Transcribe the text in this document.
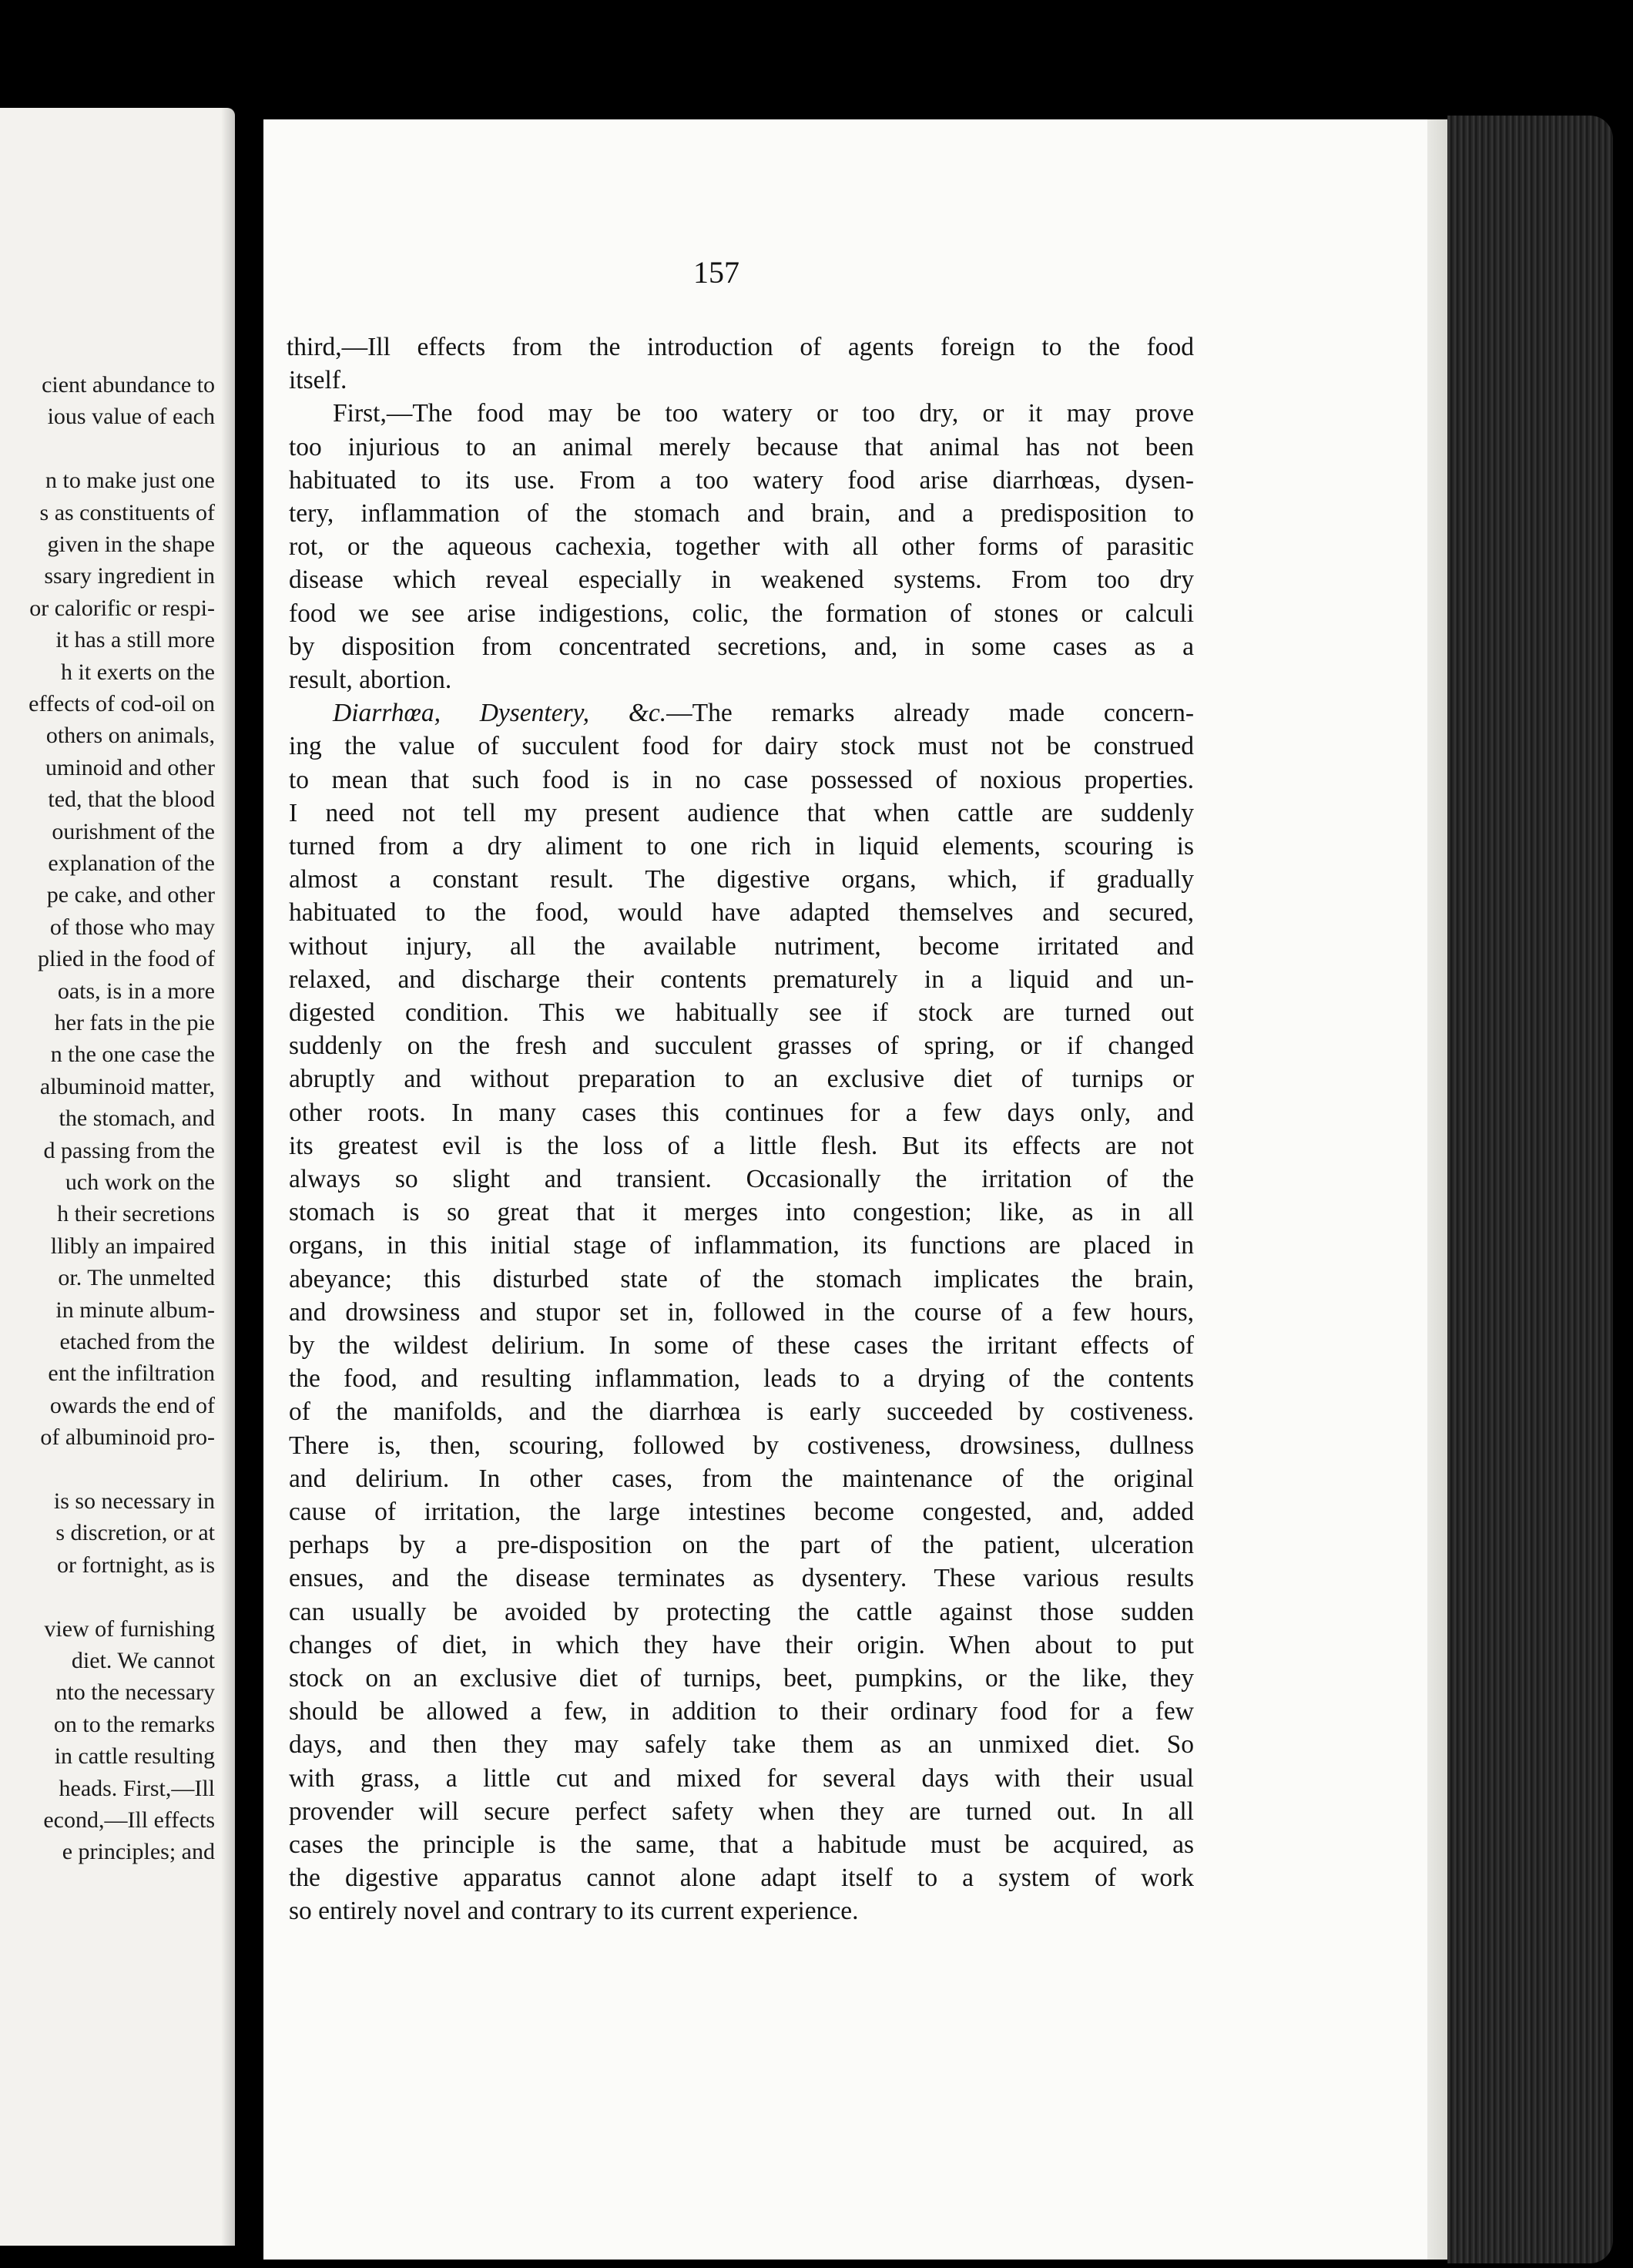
cient abundance to
ious value of each
n to make just one
s as constituents of
given in the shape
ssary ingredient in
or calorific or respi-
it has a still more
h it exerts on the
effects of cod-oil on
others on animals,
uminoid and other
ted, that the blood
ourishment of the
explanation of the
pe cake, and other
of those who may
plied in the food of
oats, is in a more
her fats in the pie
n the one case the
albuminoid matter,
the stomach, and
d passing from the
uch work on the
h their secretions
llibly an impaired
or. The unmelted
in minute album-
etached from the
ent the infiltration
owards the end of
of albuminoid pro-
is so necessary in
s discretion, or at
or fortnight, as is
view of furnishing
diet. We cannot
nto the necessary
on to the remarks
in cattle resulting
heads. First,—Ill
econd,—Ill effects
e principles; and
157
third,—Ill effects from the introduction of agents foreign to the food
itself.
First,—The food may be too watery or too dry, or it may prove
too injurious to an animal merely because that animal has not been
habituated to its use. From a too watery food arise diarrhœas, dysen-
tery, inflammation of the stomach and brain, and a predisposition to
rot, or the aqueous cachexia, together with all other forms of parasitic
disease which reveal especially in weakened systems. From too dry
food we see arise indigestions, colic, the formation of stones or calculi
by disposition from concentrated secretions, and, in some cases as a
result, abortion.
Diarrhœa, Dysentery, &c.—The remarks already made concern-
ing the value of succulent food for dairy stock must not be construed
to mean that such food is in no case possessed of noxious properties.
I need not tell my present audience that when cattle are suddenly
turned from a dry aliment to one rich in liquid elements, scouring is
almost a constant result. The digestive organs, which, if gradually
habituated to the food, would have adapted themselves and secured,
without injury, all the available nutriment, become irritated and
relaxed, and discharge their contents prematurely in a liquid and un-
digested condition. This we habitually see if stock are turned out
suddenly on the fresh and succulent grasses of spring, or if changed
abruptly and without preparation to an exclusive diet of turnips or
other roots. In many cases this continues for a few days only, and
its greatest evil is the loss of a little flesh. But its effects are not
always so slight and transient. Occasionally the irritation of the
stomach is so great that it merges into congestion; like, as in all
organs, in this initial stage of inflammation, its functions are placed in
abeyance; this disturbed state of the stomach implicates the brain,
and drowsiness and stupor set in, followed in the course of a few hours,
by the wildest delirium. In some of these cases the irritant effects of
the food, and resulting inflammation, leads to a drying of the contents
of the manifolds, and the diarrhœa is early succeeded by costiveness.
There is, then, scouring, followed by costiveness, drowsiness, dullness
and delirium. In other cases, from the maintenance of the original
cause of irritation, the large intestines become congested, and, added
perhaps by a pre-disposition on the part of the patient, ulceration
ensues, and the disease terminates as dysentery. These various results
can usually be avoided by protecting the cattle against those sudden
changes of diet, in which they have their origin. When about to put
stock on an exclusive diet of turnips, beet, pumpkins, or the like, they
should be allowed a few, in addition to their ordinary food for a few
days, and then they may safely take them as an unmixed diet. So
with grass, a little cut and mixed for several days with their usual
provender will secure perfect safety when they are turned out. In all
cases the principle is the same, that a habitude must be acquired, as
the digestive apparatus cannot alone adapt itself to a system of work
so entirely novel and contrary to its current experience.
